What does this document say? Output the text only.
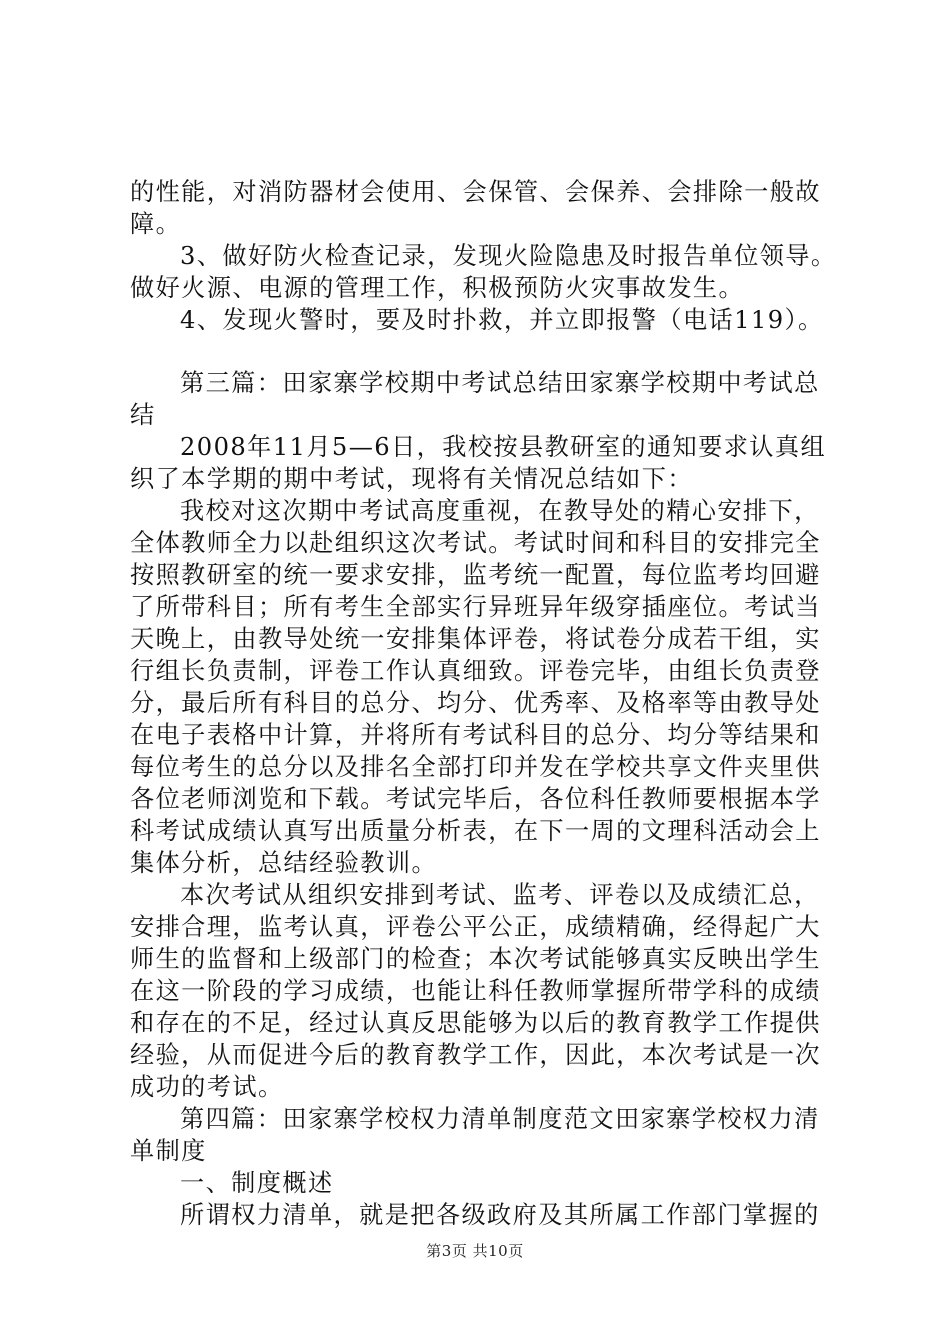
的性能，对消防器材会使用、会保管、会保养、会排除一般故
障。
3、做好防火检查记录，发现火险隐患及时报告单位领导。
做好火源、电源的管理工作，积极预防火灾事故发生。
4、发现火警时，要及时扑救，并立即报警（电话119）。
第三篇：田家寨学校期中考试总结田家寨学校期中考试总
结
2008年11月5—6日，我校按县教研室的通知要求认真组
织了本学期的期中考试，现将有关情况总结如下：
我校对这次期中考试高度重视，在教导处的精心安排下，
全体教师全力以赴组织这次考试。考试时间和科目的安排完全
按照教研室的统一要求安排，监考统一配置，每位监考均回避
了所带科目；所有考生全部实行异班异年级穿插座位。考试当
天晚上，由教导处统一安排集体评卷，将试卷分成若干组，实
行组长负责制，评卷工作认真细致。评卷完毕，由组长负责登
分，最后所有科目的总分、均分、优秀率、及格率等由教导处
在电子表格中计算，并将所有考试科目的总分、均分等结果和
每位考生的总分以及排名全部打印并发在学校共享文件夹里供
各位老师浏览和下载。考试完毕后，各位科任教师要根据本学
科考试成绩认真写出质量分析表，在下一周的文理科活动会上
集体分析，总结经验教训。
本次考试从组织安排到考试、监考、评卷以及成绩汇总，
安排合理，监考认真，评卷公平公正，成绩精确，经得起广大
师生的监督和上级部门的检查；本次考试能够真实反映出学生
在这一阶段的学习成绩，也能让科任教师掌握所带学科的成绩
和存在的不足，经过认真反思能够为以后的教育教学工作提供
经验，从而促进今后的教育教学工作，因此，本次考试是一次
成功的考试。
第四篇：田家寨学校权力清单制度范文田家寨学校权力清
单制度
一、制度概述
所谓权力清单，就是把各级政府及其所属工作部门掌握的
第3页 共10页
